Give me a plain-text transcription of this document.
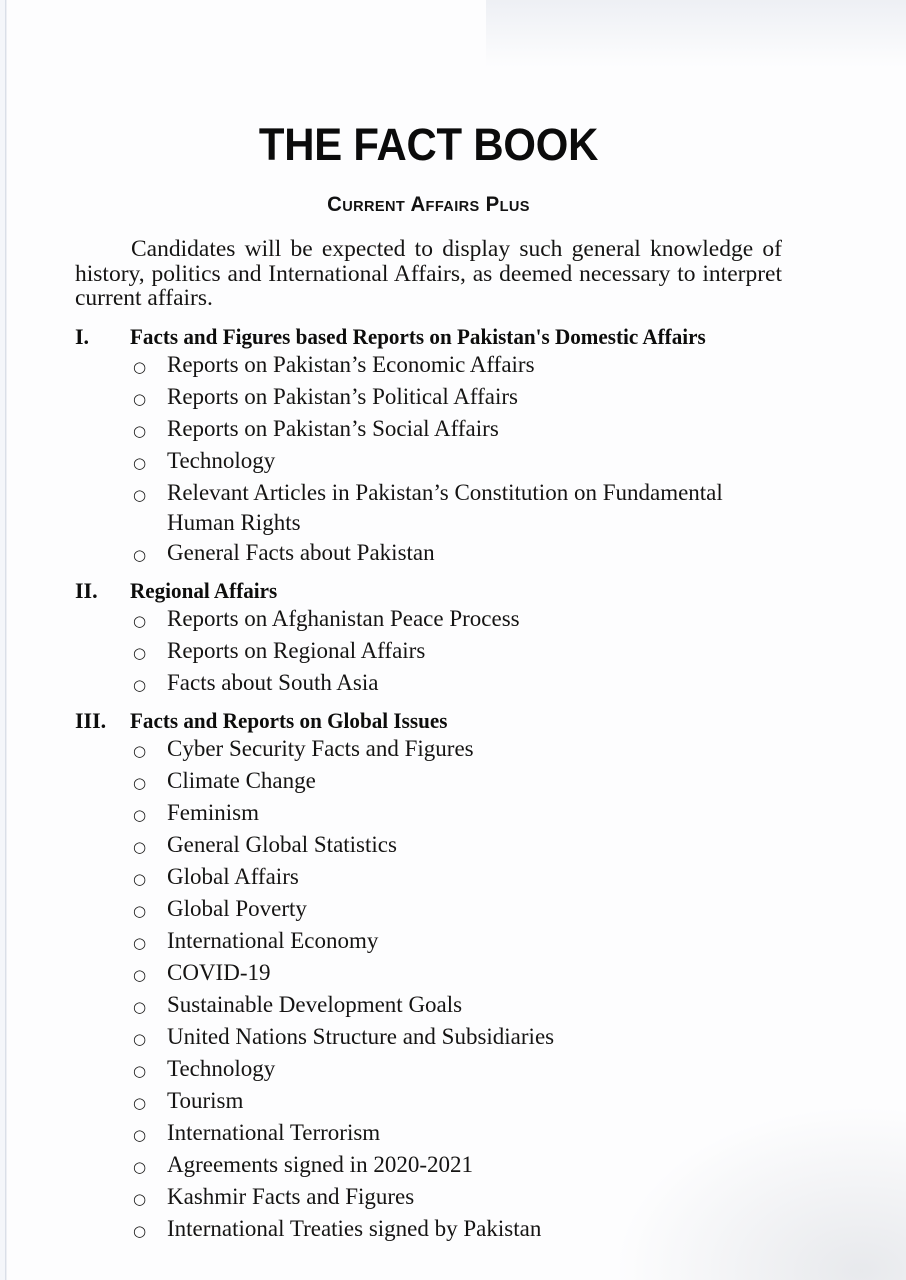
THE FACT BOOK
Current Affairs Plus

Candidates will be expected to display such general knowledge of history, politics and International Affairs, as deemed necessary to interpret current affairs.

I.	Facts and Figures based Reports on Pakistan's Domestic Affairs
○ Reports on Pakistan’s Economic Affairs
○ Reports on Pakistan’s Political Affairs
○ Reports on Pakistan’s Social Affairs
○ Technology
○ Relevant Articles in Pakistan’s Constitution on Fundamental Human Rights
○ General Facts about Pakistan
II.	Regional Affairs
○ Reports on Afghanistan Peace Process
○ Reports on Regional Affairs
○ Facts about South Asia
III.	Facts and Reports on Global Issues
○ Cyber Security Facts and Figures
○ Climate Change
○ Feminism
○ General Global Statistics
○ Global Affairs
○ Global Poverty
○ International Economy
○ COVID-19
○ Sustainable Development Goals
○ United Nations Structure and Subsidiaries
○ Technology
○ Tourism
○ International Terrorism
○ Agreements signed in 2020-2021
○ Kashmir Facts and Figures
○ International Treaties signed by Pakistan
